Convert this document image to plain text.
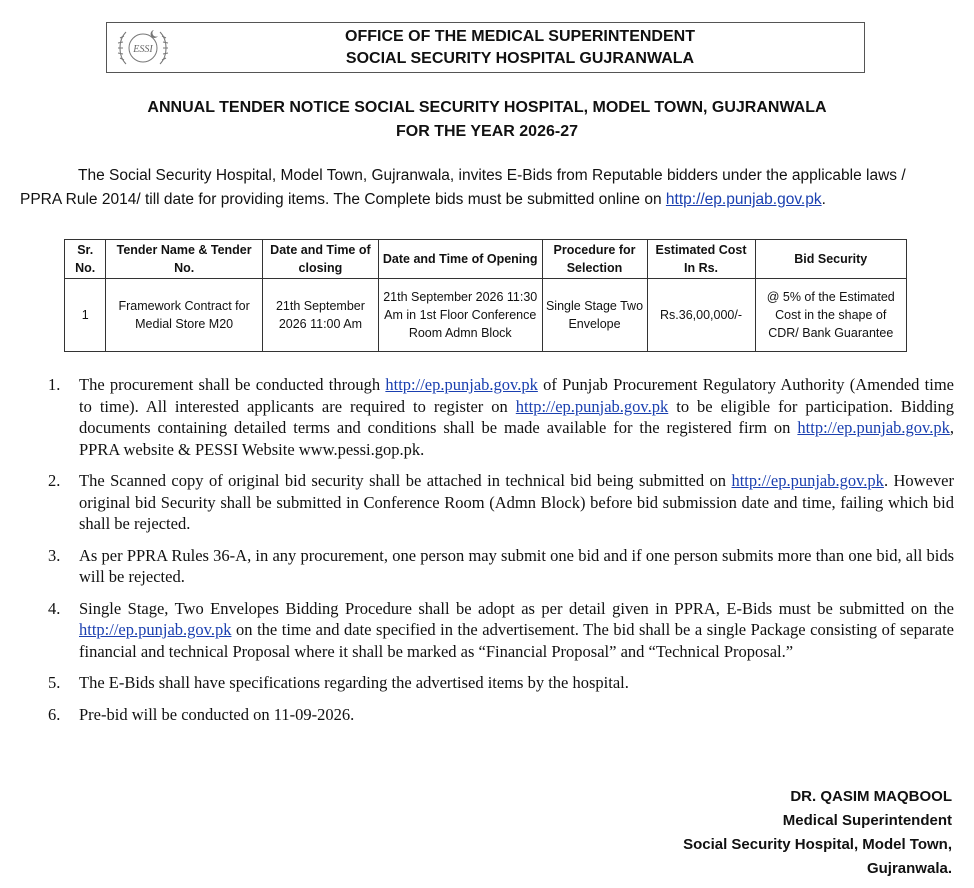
ESSI
OFFICE OF THE MEDICAL SUPERINTENDENT
SOCIAL SECURITY HOSPITAL GUJRANWALA
ANNUAL TENDER NOTICE SOCIAL SECURITY HOSPITAL, MODEL TOWN, GUJRANWALA
FOR THE YEAR 2026-27
The Social Security Hospital, Model Town, Gujranwala, invites E-Bids from Reputable bidders under the applicable laws / PPRA Rule 2014/ till date for providing items. The Complete bids must be submitted online on http://ep.punjab.gov.pk.
Sr. No.	Tender Name & Tender No.	Date and Time of closing	Date and Time of Opening	Procedure for Selection	Estimated Cost In Rs.	Bid Security
1	Framework Contract for Medial Store M20	21th September 2026 11:00 Am	21th September 2026 11:30 Am in 1st Floor Conference Room Admn Block	Single Stage Two Envelope	Rs.36,00,000/-	@ 5% of the Estimated Cost in the shape of CDR/ Bank Guarantee
1. The procurement shall be conducted through http://ep.punjab.gov.pk of Punjab Procurement Regulatory Authority (Amended time to time). All interested applicants are required to register on http://ep.punjab.gov.pk to be eligible for participation. Bidding documents containing detailed terms and conditions shall be made available for the registered firm on http://ep.punjab.gov.pk, PPRA website & PESSI Website www.pessi.gop.pk.
2. The Scanned copy of original bid security shall be attached in technical bid being submitted on http://ep.punjab.gov.pk. However original bid Security shall be submitted in Conference Room (Admn Block) before bid submission date and time, failing which bid shall be rejected.
3. As per PPRA Rules 36-A, in any procurement, one person may submit one bid and if one person submits more than one bid, all bids will be rejected.
4. Single Stage, Two Envelopes Bidding Procedure shall be adopt as per detail given in PPRA, E-Bids must be submitted on the http://ep.punjab.gov.pk on the time and date specified in the advertisement. The bid shall be a single Package consisting of separate financial and technical Proposal where it shall be marked as “Financial Proposal” and “Technical Proposal.”
5. The E-Bids shall have specifications regarding the advertised items by the hospital.
6. Pre-bid will be conducted on 11-09-2026.
DR. QASIM MAQBOOL
Medical Superintendent
Social Security Hospital, Model Town,
Gujranwala.
